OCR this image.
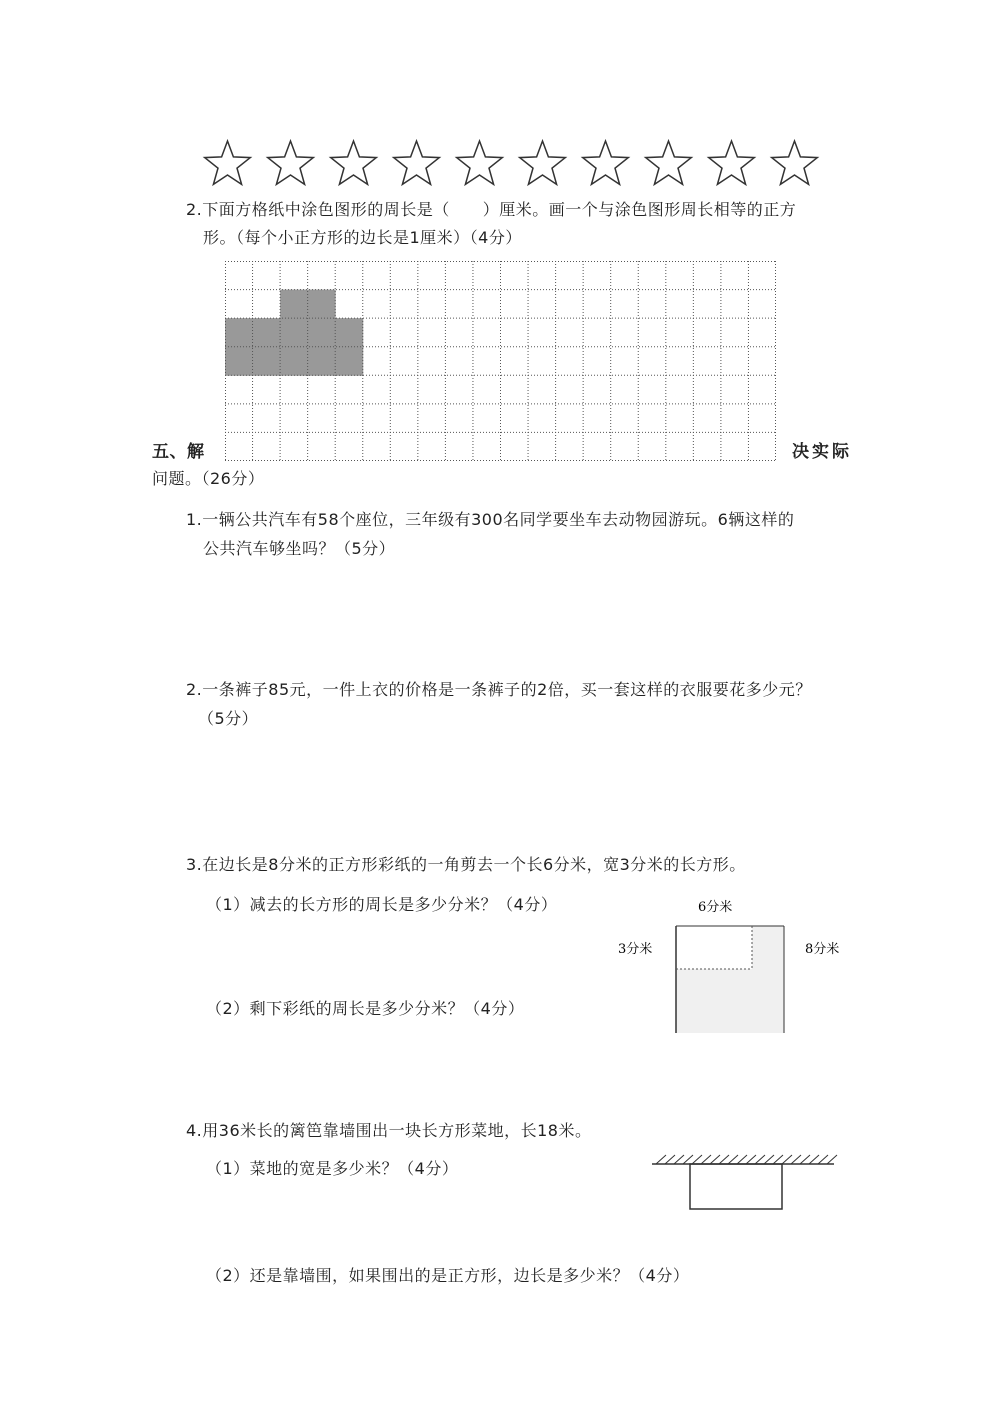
2.下面方格纸中涂色图形的周长是（　　）厘米。画一个与涂色图形周长相等的正方
形。（每个小正方形的边长是1厘米）（4分）
五、解	决实际
问题。（26分）
1.一辆公共汽车有58个座位，三年级有300名同学要坐车去动物园游玩。6辆这样的
公共汽车够坐吗？（5分）
2.一条裤子85元，一件上衣的价格是一条裤子的2倍，买一套这样的衣服要花多少元？
（5分）
3.在边长是8分米的正方形彩纸的一角剪去一个长6分米，宽3分米的长方形。
（1）减去的长方形的周长是多少分米？（4分）
（2）剩下彩纸的周长是多少分米？（4分）
6分米
3分米	8分米
4.用36米长的篱笆靠墙围出一块长方形菜地，长18米。
（1）菜地的宽是多少米？（4分）
（2）还是靠墙围，如果围出的是正方形，边长是多少米？（4分）
